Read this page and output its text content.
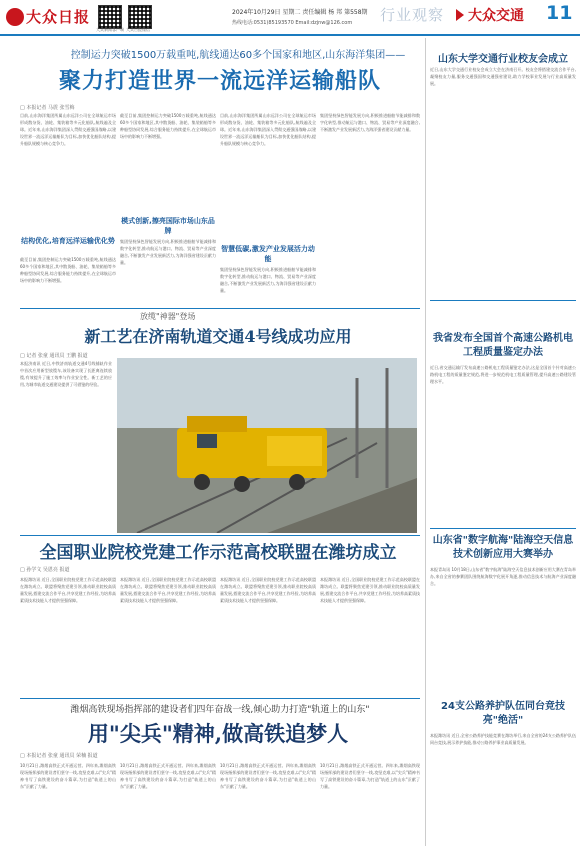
大众日报
大众新闻客户端 大众日报微信
2024年10月29日 星期二 责任编辑 杨 邦 第558期
热线电话:0531)85193570 Email:dzjnw@126.com 行业观察 大众交通 11
控制运力突破1500万载重吨,航线通达60多个国家和地区,山东海洋集团——
聚力打造世界一流远洋运输船队
□ 本报记者 马震 张雪梅
目前,山东海洋集团所属山东远洋公司在全球航运市场形成散杂货、油轮、集装箱等多元化船队,航线遍及全球。近年来,山东海洋集团深入贯彻交通强国战略,以建设世界一流远洋运输船队为目标,加快优化船队结构,提升船队规模与核心竞争力。
结构优化,培育远洋运输优化势
截至目前,集团控制运力突破1500万载重吨,航线通达60多个国家和地区,其中散货船、油轮、集装箱船等多种船型协同发展,综合服务能力持续提升,在全球航运市场中的影响力不断增强。
截至目前,集团控制运力突破1500万载重吨,航线通达60多个国家和地区,其中散货船、油轮、集装箱船等多种船型协同发展,综合服务能力持续提升,在全球航运市场中的影响力不断增强。
模式创新,擦亮国际市场山东品牌
集团坚持绿色智能发展方向,积极推进船舶节能减排和数字化转型,推动航运与港口、物流、贸易等产业深度融合,不断激发产业发展新活力,为海洋强省建设贡献力量。
目前,山东海洋集团所属山东远洋公司在全球航运市场形成散杂货、油轮、集装箱等多元化船队,航线遍及全球。近年来,山东海洋集团深入贯彻交通强国战略,以建设世界一流远洋运输船队为目标,加快优化船队结构,提升船队规模与核心竞争力。
智慧低碳,激发产业发展活力动能
集团坚持绿色智能发展方向,积极推进船舶节能减排和数字化转型,推动航运与港口、物流、贸易等产业深度融合,不断激发产业发展新活力,为海洋强省建设贡献力量。
集团坚持绿色智能发展方向,积极推进船舶节能减排和数字化转型,推动航运与港口、物流、贸易等产业深度融合,不断激发产业发展新活力,为海洋强省建设贡献力量。
放缆"神器"登场
新工艺在济南轨道交通4号线成功应用
□ 记者 张童 通讯员 王鹏 报道
本报济南讯 近日,中铁济南轨道交通4号线铺轨作业中首次应用新型放缆车,该设备实现了长距离连续放缆,有效提升了施工效率与作业安全性。新工艺的应用,为城市轨道交通建设提供了可借鉴的经验。
全国职业院校党建工作示范高校联盟在潍坊成立
□ 孙学文 吴恩亮 报道
本报潍坊讯 近日,全国职业院校党建工作示范高校联盟在潍坊成立。联盟将聚焦党建引领,推动职业院校高质量发展,搭建交流合作平台,共享党建工作经验,为培养高素质技术技能人才提供坚强保障。
本报潍坊讯 近日,全国职业院校党建工作示范高校联盟在潍坊成立。联盟将聚焦党建引领,推动职业院校高质量发展,搭建交流合作平台,共享党建工作经验,为培养高素质技术技能人才提供坚强保障。
本报潍坊讯 近日,全国职业院校党建工作示范高校联盟在潍坊成立。联盟将聚焦党建引领,推动职业院校高质量发展,搭建交流合作平台,共享党建工作经验,为培养高素质技术技能人才提供坚强保障。
本报潍坊讯 近日,全国职业院校党建工作示范高校联盟在潍坊成立。联盟将聚焦党建引领,推动职业院校高质量发展,搭建交流合作平台,共享党建工作经验,为培养高素质技术技能人才提供坚强保障。
潍烟高铁现场指挥部的建设者们四年奋战一线,倾心助力打造"轨道上的山东"
用"尖兵"精神,做高铁追梦人
□ 本报记者 张童 通讯员 荣楠 报道
10月21日,潍烟高铁正式开通运营。四年来,潍烟高铁现场指挥部的建设者们坚守一线,攻坚克难,以"尖兵"精神书写了高铁建设的奋斗篇章,为打造"轨道上的山东"贡献了力量。
10月21日,潍烟高铁正式开通运营。四年来,潍烟高铁现场指挥部的建设者们坚守一线,攻坚克难,以"尖兵"精神书写了高铁建设的奋斗篇章,为打造"轨道上的山东"贡献了力量。
10月21日,潍烟高铁正式开通运营。四年来,潍烟高铁现场指挥部的建设者们坚守一线,攻坚克难,以"尖兵"精神书写了高铁建设的奋斗篇章,为打造"轨道上的山东"贡献了力量。
10月21日,潍烟高铁正式开通运营。四年来,潍烟高铁现场指挥部的建设者们坚守一线,攻坚克难,以"尖兵"精神书写了高铁建设的奋斗篇章,为打造"轨道上的山东"贡献了力量。
山东大学交通行业校友会成立
近日,山东大学交通行业校友会成立大会在济南召开。校友会将搭建交流合作平台,凝聚校友力量,服务交通强国和交通强省建设,助力学校事业发展与行业高质量发展。
我省发布全国首个高速公路机电工程质量鉴定办法
近日,省交通运输厅发布高速公路机电工程质量鉴定办法,这是全国首个针对高速公路机电工程的质量鉴定规范,将进一步规范机电工程质量管理,提升高速公路建设管理水平。
山东省"数字航海"陆海空天信息技术创新应用大赛举办
本报青岛讯 10月18日,山东省"数字航海"陆海空天信息技术创新应用大赛在青岛举办,来自全省的参赛团队围绕航海数字化展开角逐,推动信息技术与航海产业深度融合。
24支公路养护队伍同台竞技亮"绝活"
本报潍坊讯 近日,全省公路养护技能竞赛在潍坊举行,来自全省的24支公路养护队伍同台竞技,展示养护技能,推动公路养护事业高质量发展。
